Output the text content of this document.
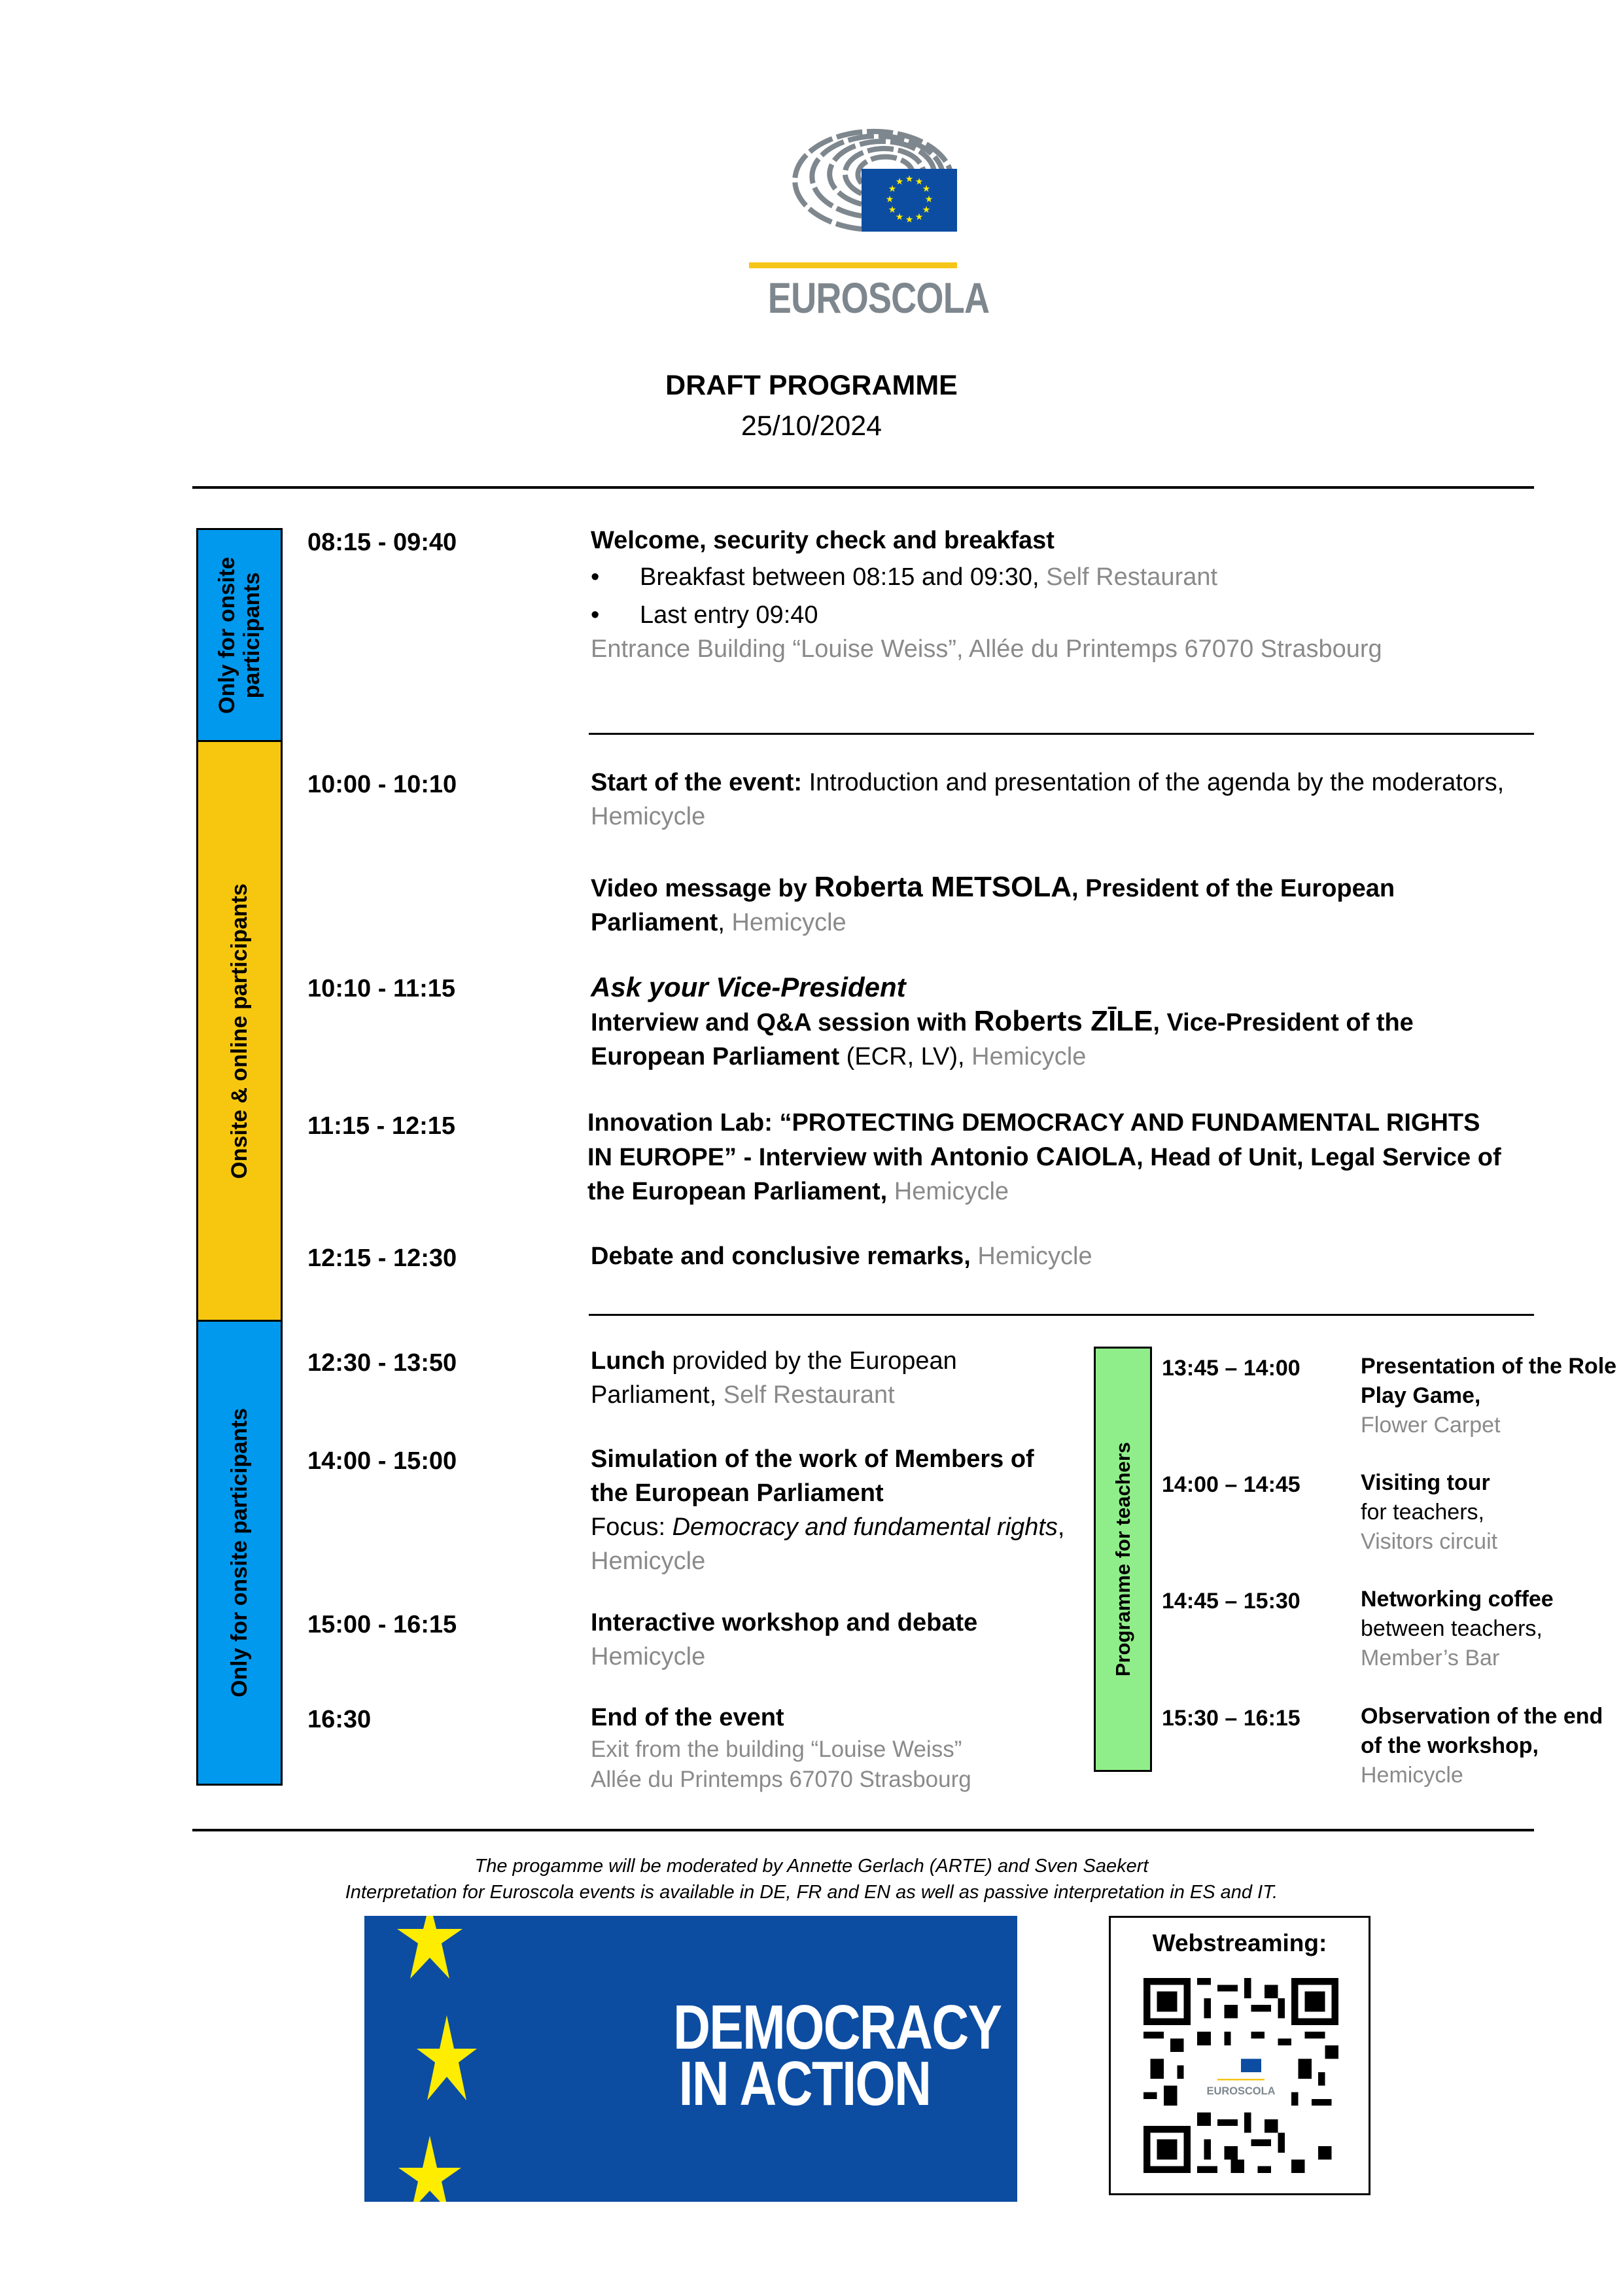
★ ★
★
★
★
★
★
★
★
★
★
★
EUROSCOLA
DRAFT PROGRAMME
25/10/2024
Only for onsite participants
Onsite & online participants
Only for onsite participants
08:15 - 09:40	Welcome, security check and breakfast
• Breakfast between 08:15 and 09:30, Self Restaurant
• Last entry 09:40
Entrance Building “Louise Weiss”, Allée du Printemps 67070 Strasbourg
10:00 - 10:10	Start of the event: Introduction and presentation of the agenda by the moderators, Hemicycle
Video message by Roberta METSOLA, President of the European Parliament, Hemicycle
10:10 - 11:15	Ask your Vice-President
Interview and Q&A session with Roberts ZĪLE, Vice-President of the European Parliament (ECR, LV), Hemicycle
11:15 - 12:15	Innovation Lab: “PROTECTING DEMOCRACY AND FUNDAMENTAL RIGHTS IN EUROPE” - Interview with Antonio CAIOLA, Head of Unit, Legal Service of the European Parliament, Hemicycle
12:15 - 12:30	Debate and conclusive remarks, Hemicycle
12:30 - 13:50	Lunch provided by the European Parliament, Self Restaurant
14:00 - 15:00	Simulation of the work of Members of the European Parliament
Focus: Democracy and fundamental rights, Hemicycle
15:00 - 16:15	Interactive workshop and debate
Hemicycle
16:30	End of the event
Exit from the building “Louise Weiss”
Allée du Printemps 67070 Strasbourg
Programme for teachers
13:45 – 14:00	Presentation of the Role Play Game,
Flower Carpet
14:00 – 14:45	Visiting tour
for teachers,
Visitors circuit
14:45 – 15:30	Networking coffee
between teachers,
Member’s Bar
15:30 – 16:15	Observation of the end of the workshop,
Hemicycle
The progamme will be moderated by Annette Gerlach (ARTE) and Sven Saekert
Interpretation for Euroscola events is available in DE, FR and EN as well as passive interpretation in ES and IT.
DEMOCRACY
IN ACTION
Webstreaming:
EUROSCOLA
